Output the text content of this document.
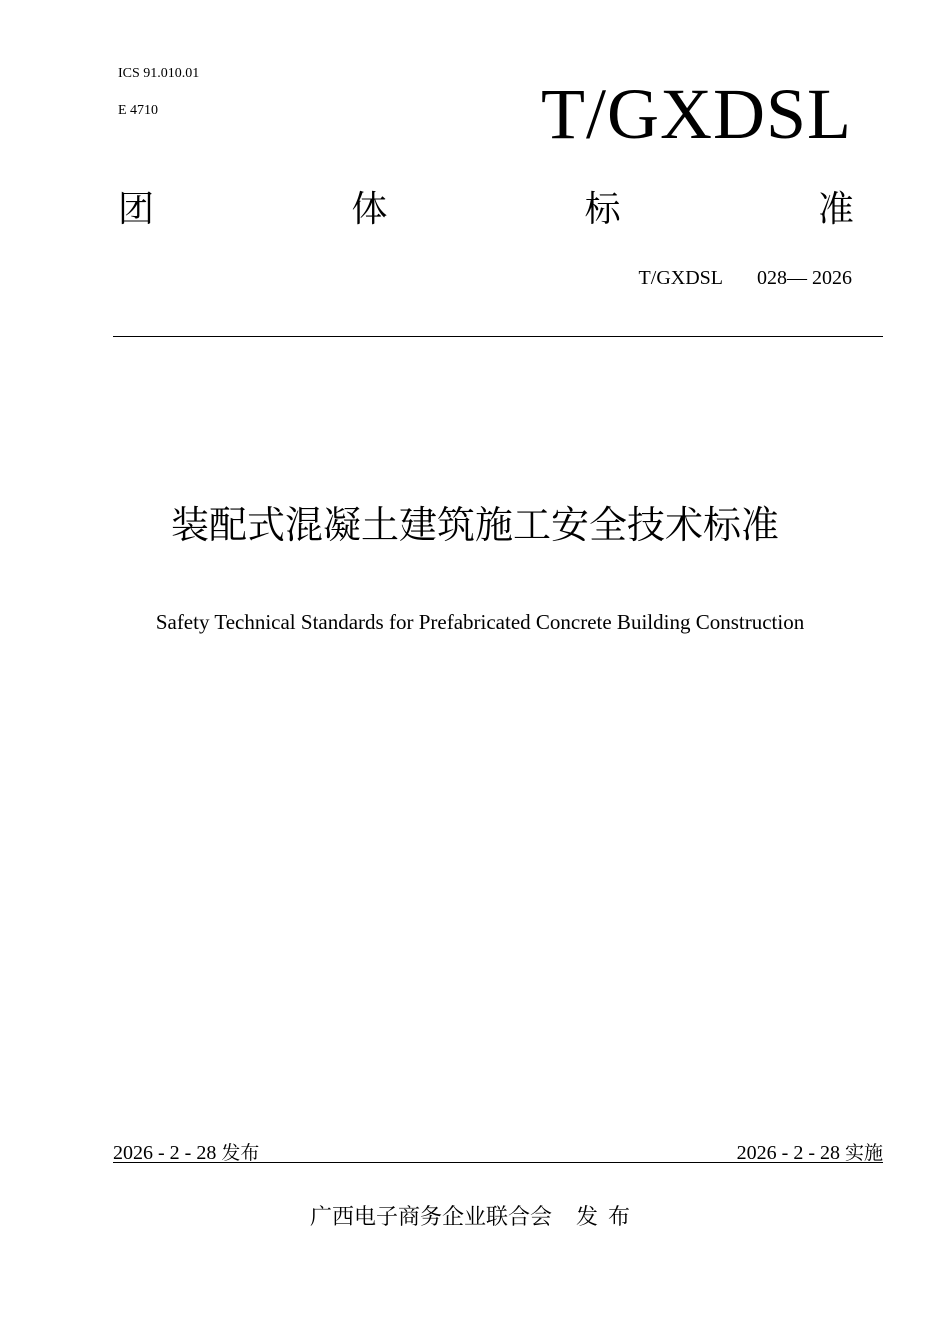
ICS 91.010.01
E 4710	T/GXDSL
团	体	标	准
T/GXDSL 028— 2026
装配式混凝土建筑施工安全技术标准
Safety Technical Standards for Prefabricated Concrete Building Construction
2026 - 2 - 28 发布	2026 - 2 - 28 实施
广西电子商务企业联合会 发布
